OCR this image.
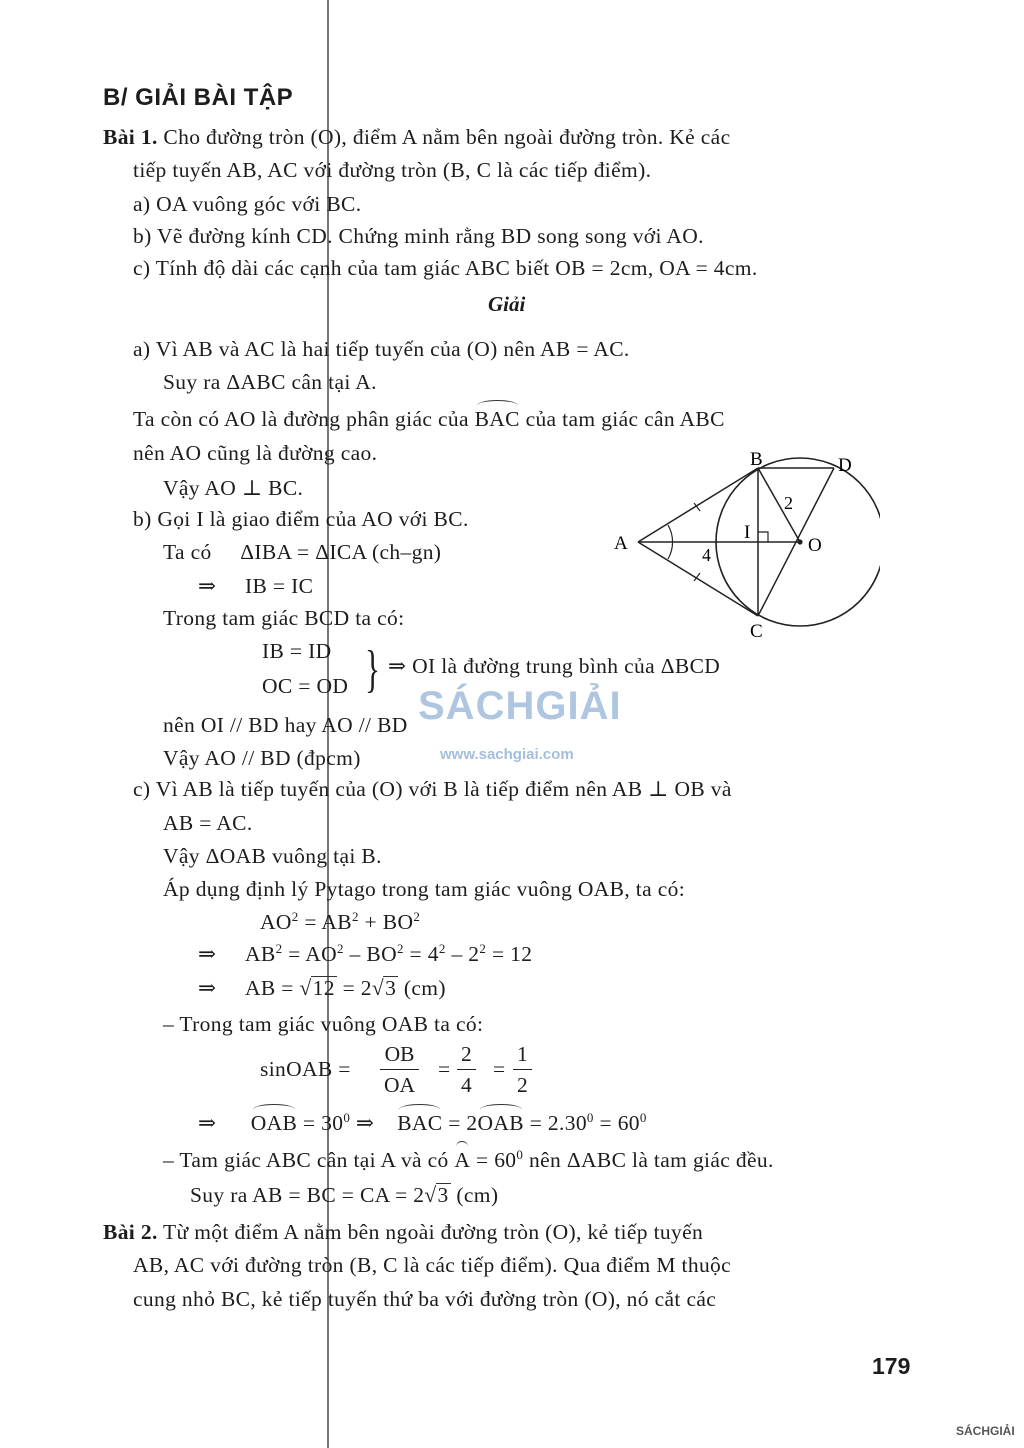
B/ GIẢI BÀI TẬP
Bài 1. Cho đường tròn (O), điểm A nằm bên ngoài đường tròn. Kẻ các
tiếp tuyến AB, AC với đường tròn (B, C là các tiếp điểm).
a) OA vuông góc với BC.
b) Vẽ đường kính CD. Chứng minh rằng BD song song với AO.
c) Tính độ dài các cạnh của tam giác ABC biết OB = 2cm, OA = 4cm.
Giải
a) Vì AB và AC là hai tiếp tuyến của (O) nên AB = AC.
Suy ra ΔABC cân tại A.
Ta còn có AO là đường phân giác của BAC của tam giác cân ABC
nên AO cũng là đường cao.
Vậy AO ⊥ BC.
b) Gọi I là giao điểm của AO với BC.
Ta có     ΔIBA = ΔICA (ch–gn)
⇒     IB = IC
Trong tam giác BCD ta có:
IB = ID
OC = OD } ⇒ OI là đường trung bình của ΔBCD
nên OI // BD hay AO // BD
Vậy AO // BD (đpcm)
c) Vì AB là tiếp tuyến của (O) với B là tiếp điểm nên AB ⊥ OB và
AB = AC.
Vậy ΔOAB vuông tại B.
Áp dụng định lý Pytago trong tam giác vuông OAB, ta có:
$AO^2 = AB^2 + BO^2$
⇒ $AB^2 = AO^2 - BO^2 = 4^2 - 2^2 = 12$
⇒ AB = √12 = 2√3 (cm)
– Trong tam giác vuông OAB ta có:
sinOAB = $\frac{OB}{OA} = \frac{2}{4} = \frac{1}{2}$
⇒ OAB = $30^0$ ⇒    BAC = $2OAB = 2.30^0 = 60^0$
– Tam giác ABC cân tại A và có $A = 60^0$ nên ΔABC là tam giác đều.
Suy ra AB = BC = CA = 2√3 (cm)
Bài 2. Từ một điểm A nằm bên ngoài đường tròn (O), kẻ tiếp tuyến
AB, AC với đường tròn (B, C là các tiếp điểm). Qua điểm M thuộc
cung nhỏ BC, kẻ tiếp tuyến thứ ba với đường tròn (O), nó cắt các
179
A
B
C
D
I
O
2
4
SÁCHGIẢI
www.sachgiai.com
SÁCHGIẢI
